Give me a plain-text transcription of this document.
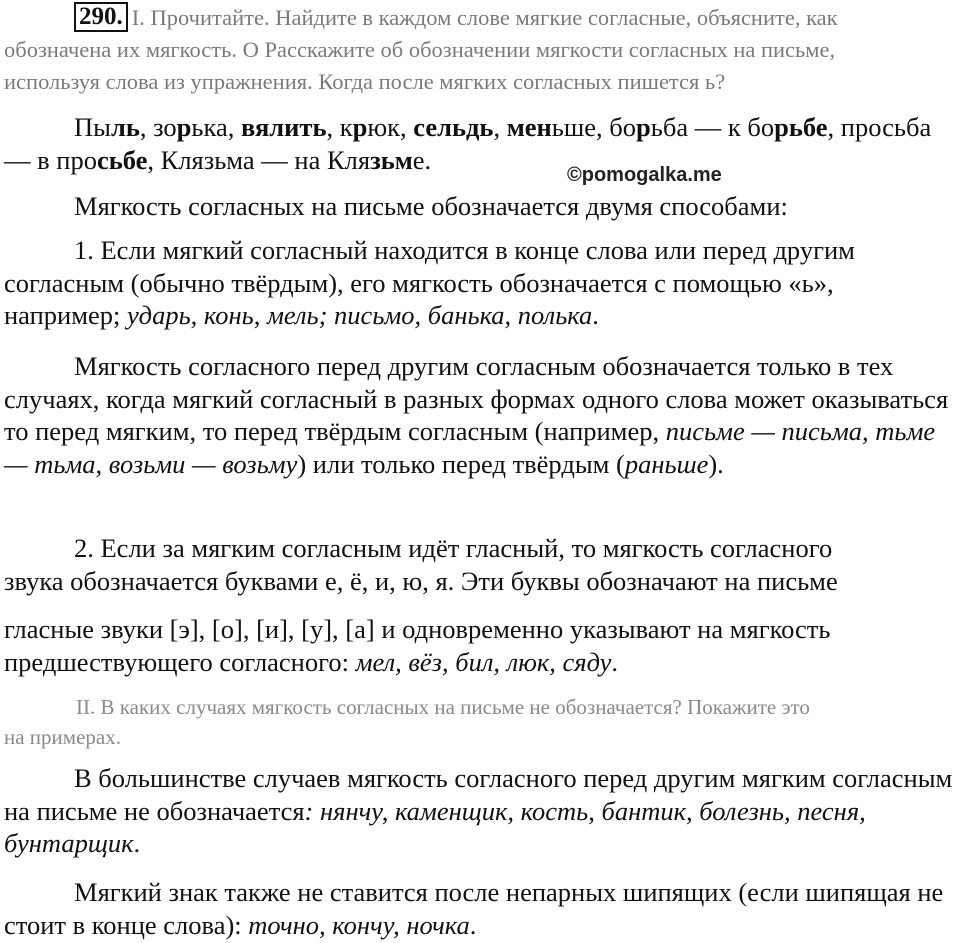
290. I. Прочитайте. Найдите в каждом слове мягкие согласные, объясните, как
обозначена их мягкость. О Расскажите об обозначении мягкости согласных на письме,
используя слова из упражнения. Когда после мягких согласных пишется ь?

Пыль, зорька, вялить, крюк, сельдь, меньше, борьба — к борьбе, просьба — в просьбе, Клязьма — на Клязьме.

©pomogalka.me

Мягкость согласных на письме обозначается двумя способами:

1. Если мягкий согласный находится в конце слова или перед другим согласным (обычно твёрдым), его мягкость обозначается с помощью «ь», например; ударь, конь, мель; письмо, банька, полька.

Мягкость согласного перед другим согласным обозначается только в тех случаях, когда мягкий согласный в разных формах одного слова может оказываться то перед мягким, то перед твёрдым согласным (например, письме — письма, тьме — тьма, возьми — возьму) или только перед твёрдым (раньше).

2. Если за мягким согласным идёт гласный, то мягкость согласного
звука обозначается буквами е, ё, и, ю, я. Эти буквы обозначают на письме

гласные звуки [э], [о], [и], [у], [а] и одновременно указывают на мягкость
предшествующего согласного: мел, вёз, бил, люк, сяду.

II. В каких случаях мягкость согласных на письме не обозначается? Покажите это
на примерах.

В большинстве случаев мягкость согласного перед другим мягким согласным на письме не обозначается: нянчу, каменщик, кость, бантик, болезнь, песня, бунтарщик.

Мягкий знак также не ставится после непарных шипящих (если шипящая не стоит в конце слова): точно, кончу, ночка.
